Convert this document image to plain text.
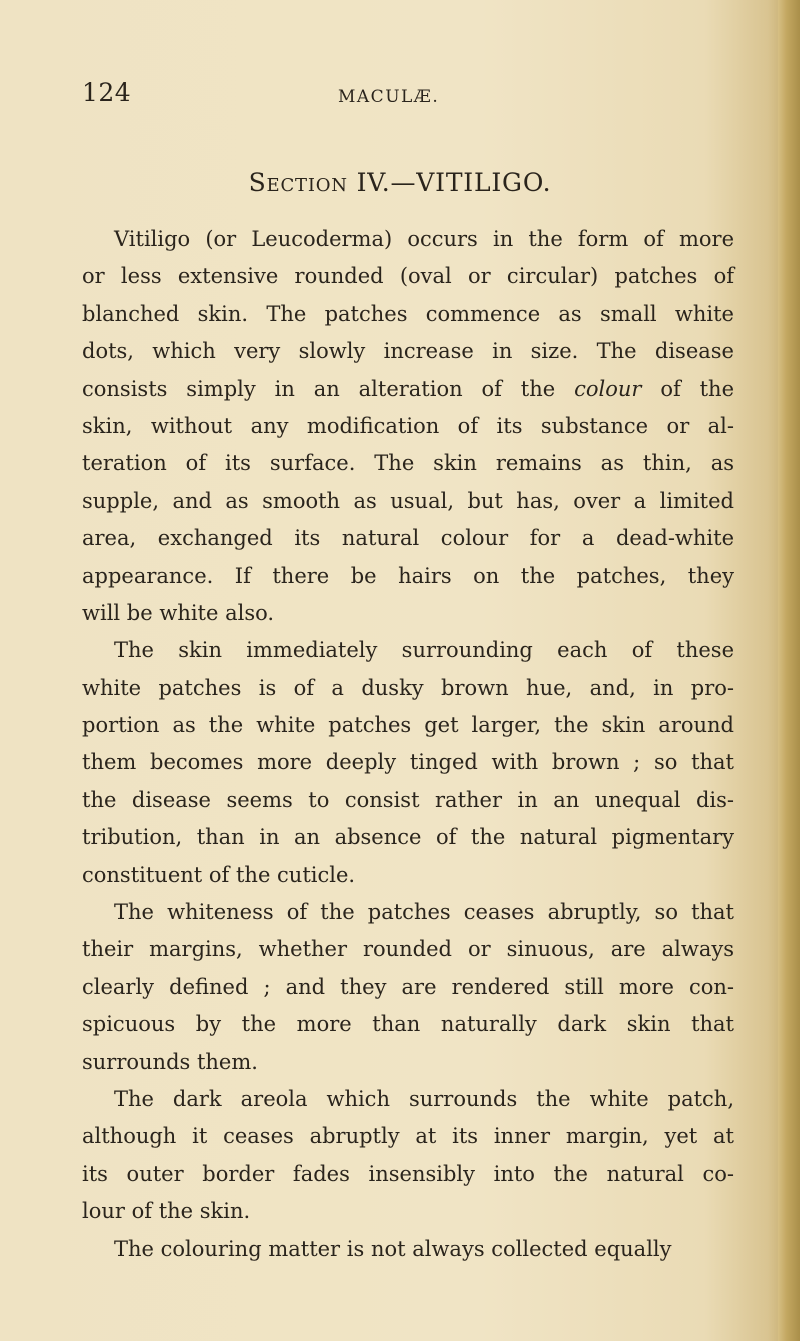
124	MACULÆ.
Section IV.—VITILIGO.
Vitiligo (or Leucoderma) occurs in the form of more
or less extensive rounded (oval or circular) patches of
blanched skin. The patches commence as small white
dots, which very slowly increase in size. The disease
consists simply in an alteration of the colour of the
skin, without any modification of its substance or al-
teration of its surface. The skin remains as thin, as
supple, and as smooth as usual, but has, over a limited
area, exchanged its natural colour for a dead-white
appearance. If there be hairs on the patches, they
will be white also.
The skin immediately surrounding each of these
white patches is of a dusky brown hue, and, in pro-
portion as the white patches get larger, the skin around
them becomes more deeply tinged with brown ; so that
the disease seems to consist rather in an unequal dis-
tribution, than in an absence of the natural pigmentary
constituent of the cuticle.
The whiteness of the patches ceases abruptly, so that
their margins, whether rounded or sinuous, are always
clearly defined ; and they are rendered still more con-
spicuous by the more than naturally dark skin that
surrounds them.
The dark areola which surrounds the white patch,
although it ceases abruptly at its inner margin, yet at
its outer border fades insensibly into the natural co-
lour of the skin.
The colouring matter is not always collected equally
